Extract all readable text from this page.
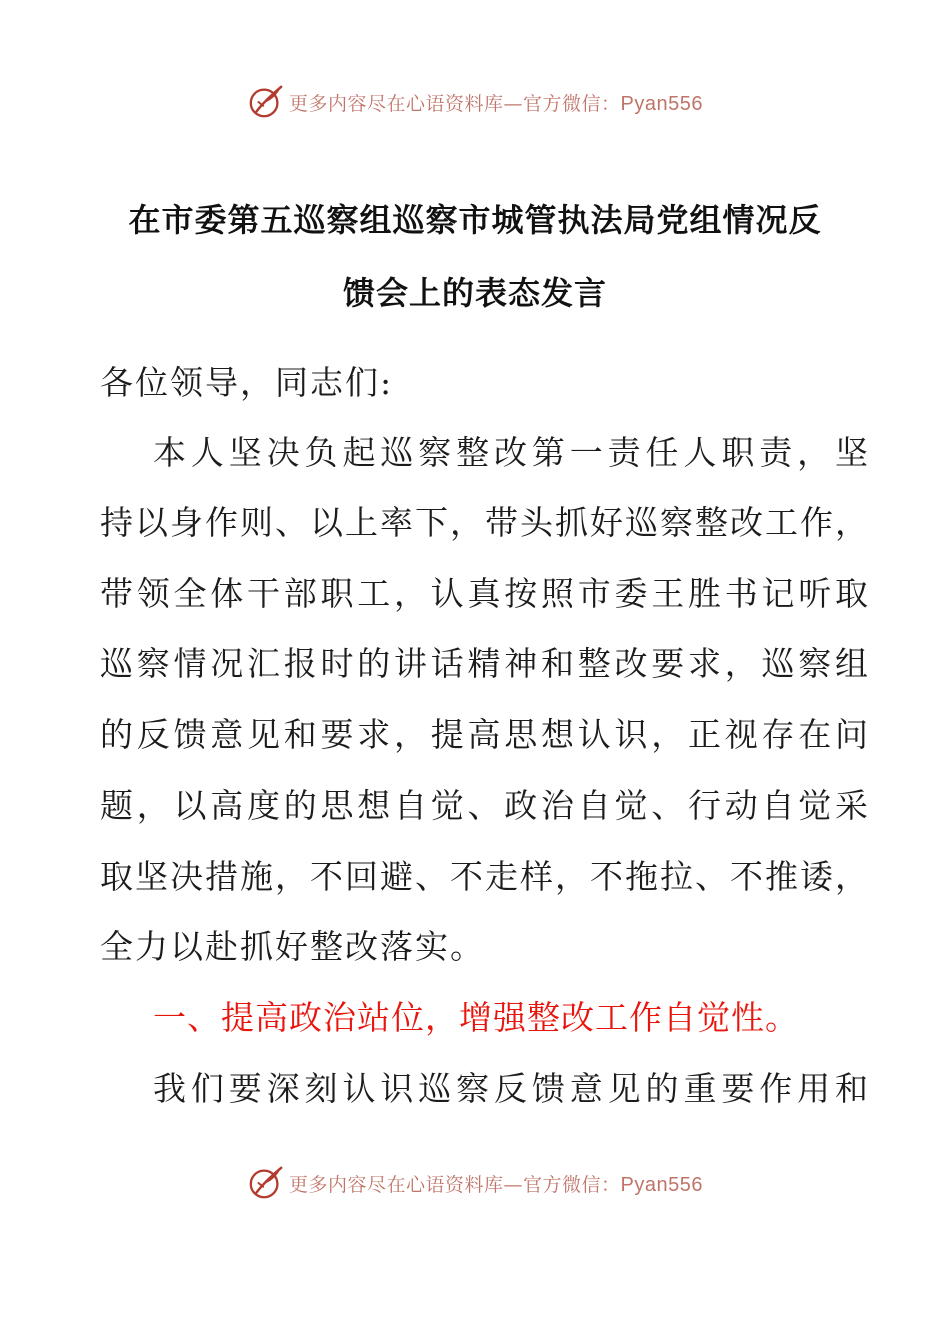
更多内容尽在心语资料库—官方微信：Pyan556
在市委第五巡察组巡察市城管执法局党组情况反
馈会上的表态发言
各位领导，同志们:
本人坚决负起巡察整改第一责任人职责，坚
持以身作则、以上率下，带头抓好巡察整改工作，
带领全体干部职工，认真按照市委王胜书记听取
巡察情况汇报时的讲话精神和整改要求，巡察组
的反馈意见和要求，提高思想认识，正视存在问
题，以高度的思想自觉、政治自觉、行动自觉采
取坚决措施，不回避、不走样，不拖拉、不推诿，
全力以赴抓好整改落实。
一、提高政治站位，增强整改工作自觉性。
我们要深刻认识巡察反馈意见的重要作用和
更多内容尽在心语资料库—官方微信：Pyan556
